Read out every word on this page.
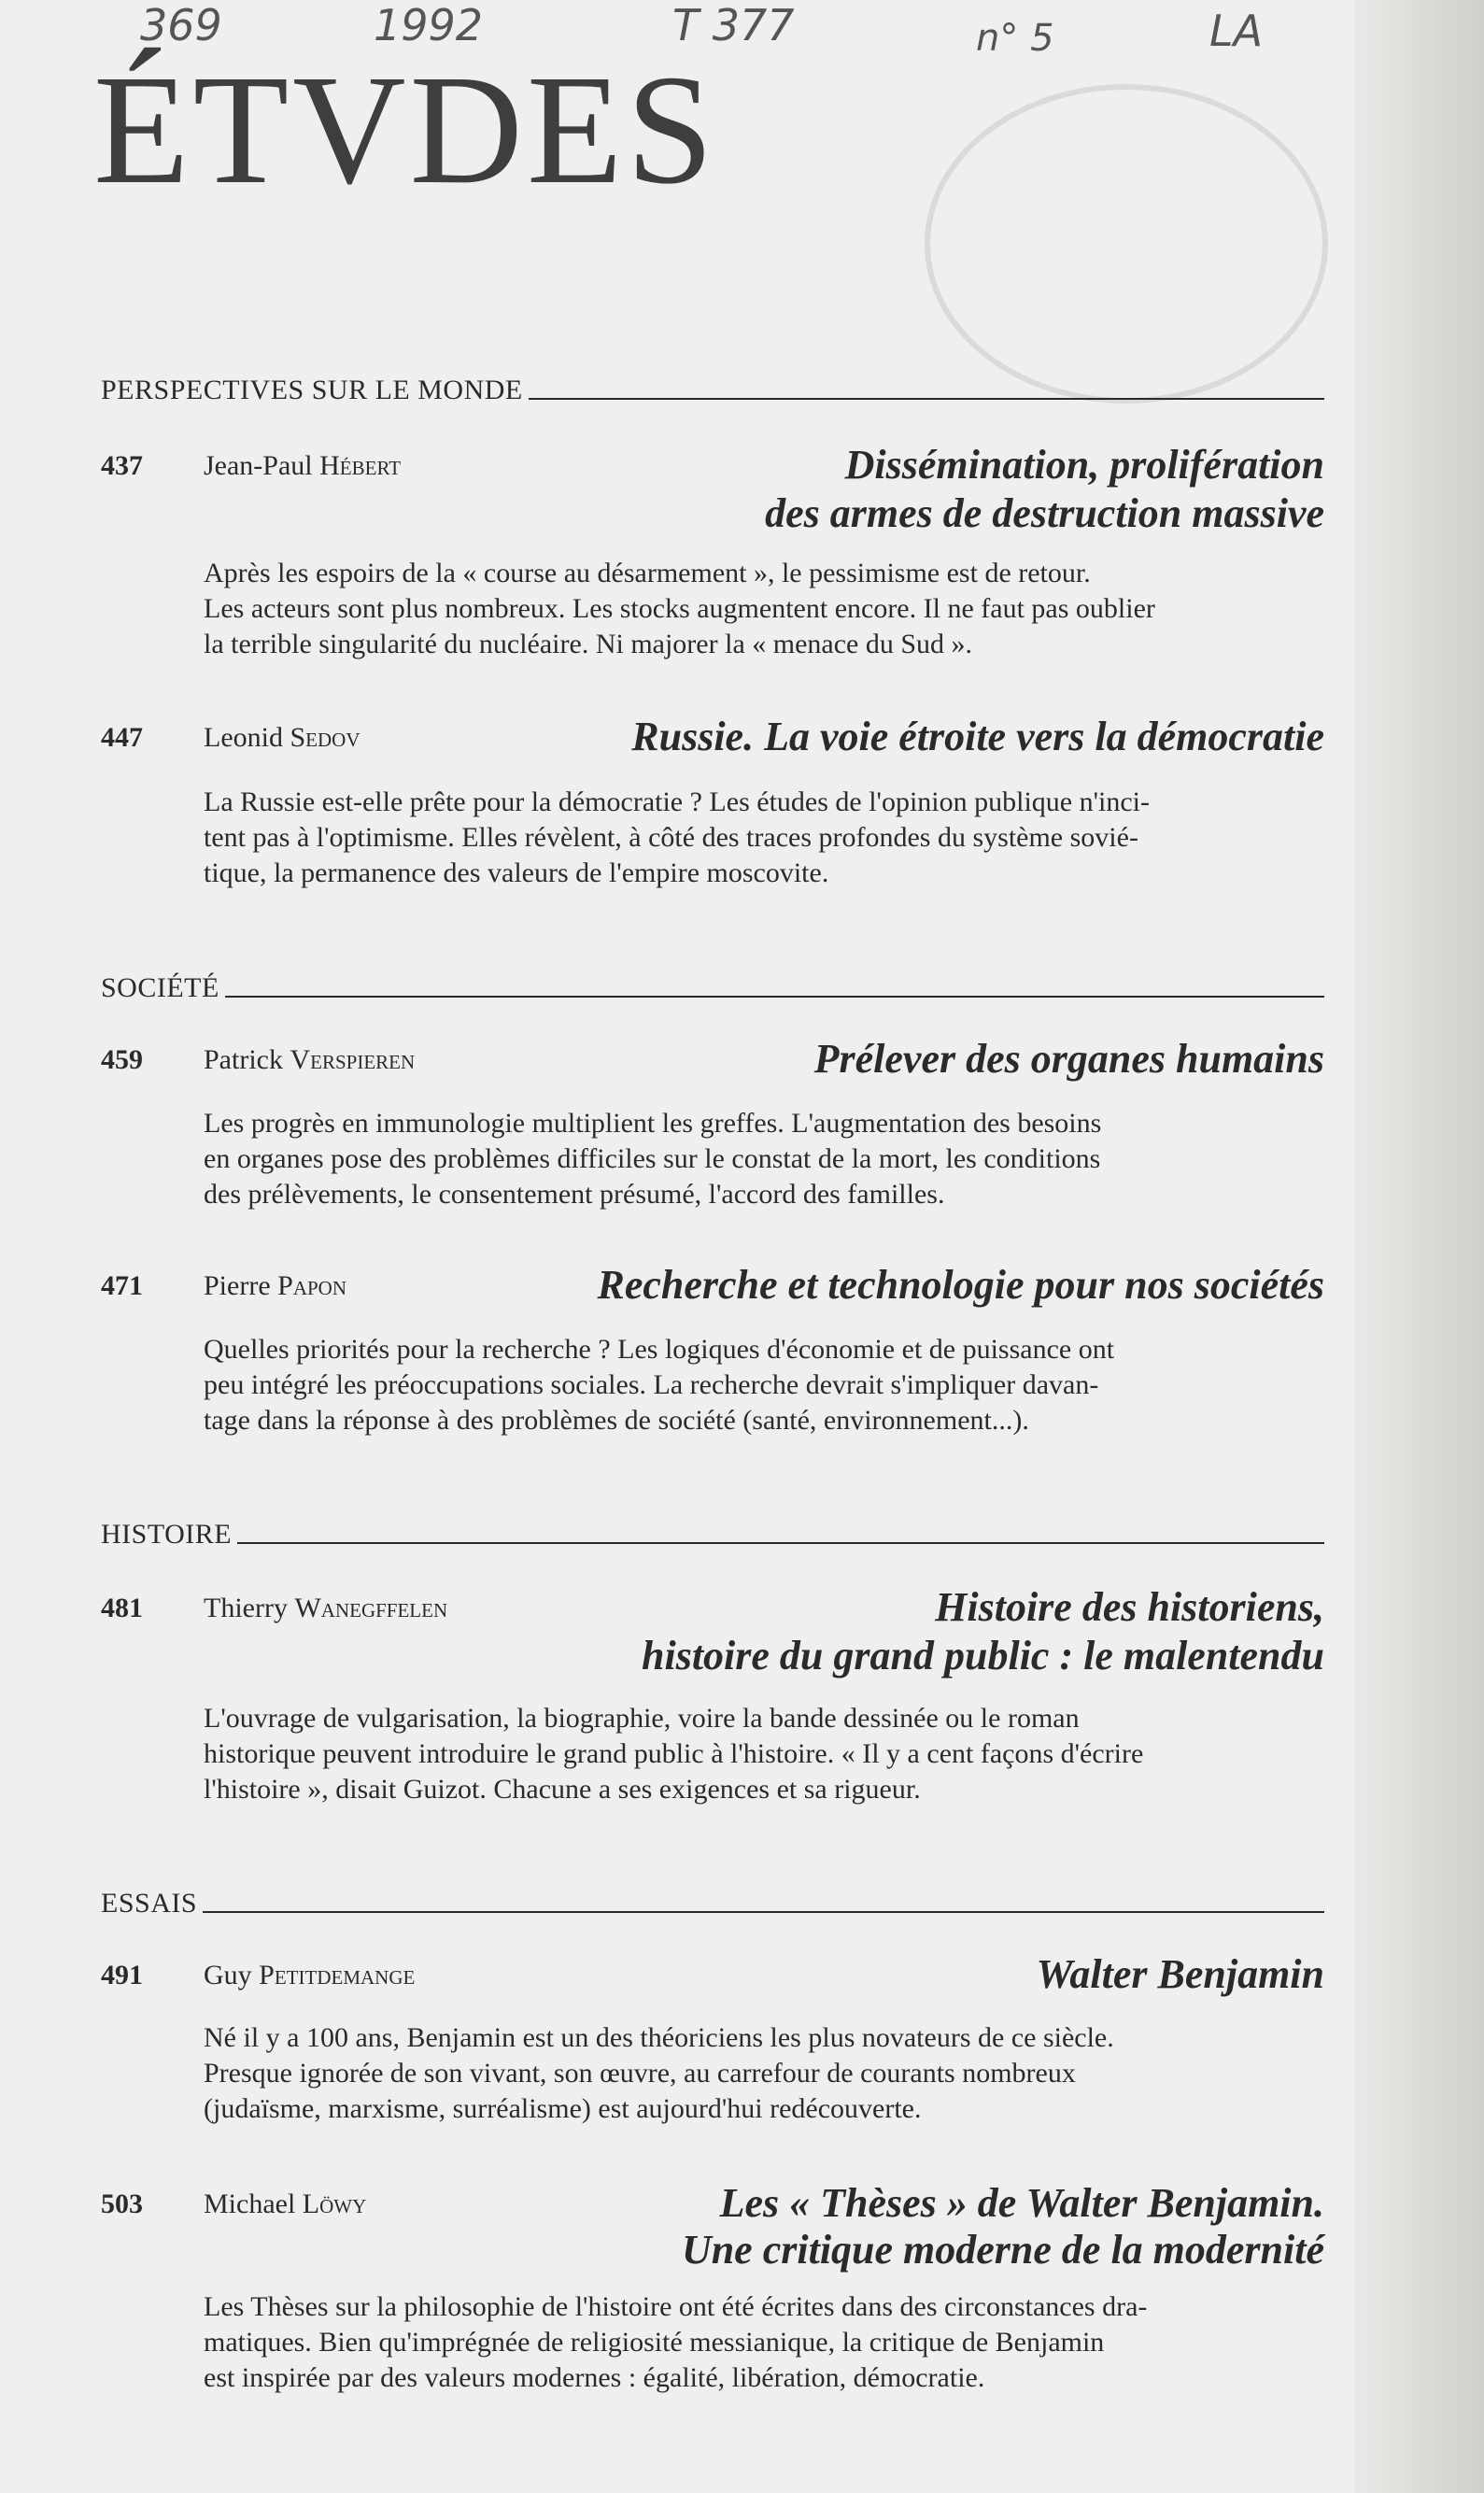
369	1992	T 377	n° 5	LA
ÉTVDES
PERSPECTIVES SUR LE MONDE
437 Jean-Paul Hébert	Dissémination, prolifération
des armes de destruction massive

Après les espoirs de la « course au désarmement », le pessimisme est de retour.
Les acteurs sont plus nombreux. Les stocks augmentent encore. Il ne faut pas oublier
la terrible singularité du nucléaire. Ni majorer la « menace du Sud ».

447 Leonid Sedov	Russie. La voie étroite vers la démocratie

La Russie est-elle prête pour la démocratie ? Les études de l'opinion publique n'inci-
tent pas à l'optimisme. Elles révèlent, à côté des traces profondes du système sovié-
tique, la permanence des valeurs de l'empire moscovite.

SOCIÉTÉ
459 Patrick Verspieren	Prélever des organes humains

Les progrès en immunologie multiplient les greffes. L'augmentation des besoins
en organes pose des problèmes difficiles sur le constat de la mort, les conditions
des prélèvements, le consentement présumé, l'accord des familles.

471 Pierre Papon	Recherche et technologie pour nos sociétés

Quelles priorités pour la recherche ? Les logiques d'économie et de puissance ont
peu intégré les préoccupations sociales. La recherche devrait s'impliquer davan-
tage dans la réponse à des problèmes de société (santé, environnement...).

HISTOIRE
481 Thierry Wanegffelen	Histoire des historiens,
histoire du grand public : le malentendu

L'ouvrage de vulgarisation, la biographie, voire la bande dessinée ou le roman
historique peuvent introduire le grand public à l'histoire. « Il y a cent façons d'écrire
l'histoire », disait Guizot. Chacune a ses exigences et sa rigueur.

ESSAIS
491 Guy Petitdemange	Walter Benjamin

Né il y a 100 ans, Benjamin est un des théoriciens les plus novateurs de ce siècle.
Presque ignorée de son vivant, son œuvre, au carrefour de courants nombreux
(judaïsme, marxisme, surréalisme) est aujourd'hui redécouverte.

503 Michael Löwy	Les « Thèses » de Walter Benjamin.
Une critique moderne de la modernité

Les Thèses sur la philosophie de l'histoire ont été écrites dans des circonstances dra-
matiques. Bien qu'imprégnée de religiosité messianique, la critique de Benjamin
est inspirée par des valeurs modernes : égalité, libération, démocratie.
